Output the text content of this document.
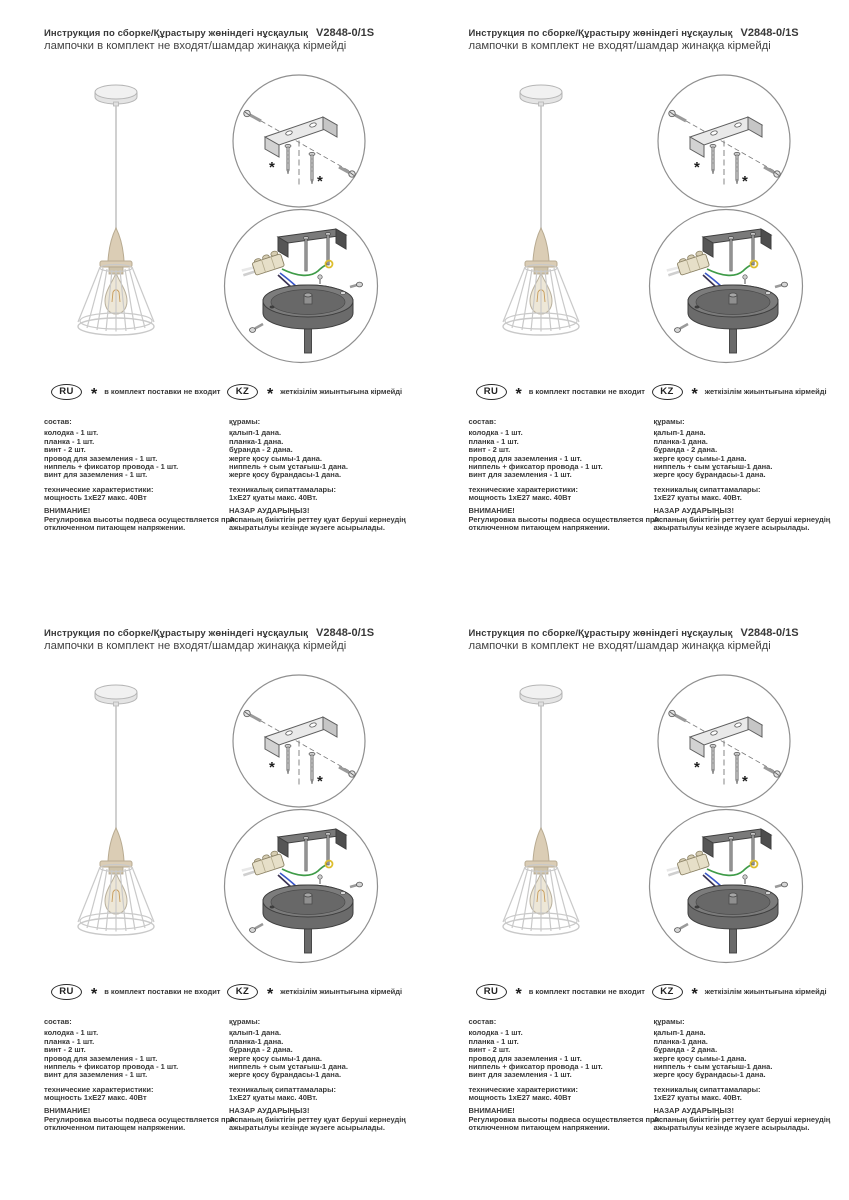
Инструкция по сборке/Құрастыру жөніндегі нұсқаулық V2848-0/1S
лампочки в комплект не входят/шамдар жинаққа кірмейді
*
*
RU	* в комплект поставки не входит	KZ	* жеткізілім жиынтығына кірмейді
состав:
колодка - 1 шт.
планка - 1 шт.
винт - 2 шт.
провод для заземления - 1 шт.
ниппель + фиксатор провода - 1 шт.
винт для заземления - 1 шт.
технические характеристики:
мощность 1хЕ27 макс. 40Вт
ВНИМАНИЕ!
Регулировка высоты подвеса осуществляется при отключенном питающем напряжении.
құрамы:
қалып-1 дана.
планка-1 дана.
бұранда - 2 дана.
жерге қосу сымы-1 дана.
ниппель + сым ұстағыш-1 дана.
жерге қосу бұрандасы-1 дана.
техникалық сипаттамалары:
1хЕ27 қуаты макс. 40Вт.
НАЗАР АУДАРЫҢЫЗ!
Аспаның биіктігін реттеу қуат беруші кернеудің ажыратылуы кезінде жүзеге асырылады.
Инструкция по сборке/Құрастыру жөніндегі нұсқаулық V2848-0/1S
лампочки в комплект не входят/шамдар жинаққа кірмейді
*
*
RU	* в комплект поставки не входит	KZ	* жеткізілім жиынтығына кірмейді
состав:
колодка - 1 шт.
планка - 1 шт.
винт - 2 шт.
провод для заземления - 1 шт.
ниппель + фиксатор провода - 1 шт.
винт для заземления - 1 шт.
технические характеристики:
мощность 1хЕ27 макс. 40Вт
ВНИМАНИЕ!
Регулировка высоты подвеса осуществляется при отключенном питающем напряжении.
құрамы:
қалып-1 дана.
планка-1 дана.
бұранда - 2 дана.
жерге қосу сымы-1 дана.
ниппель + сым ұстағыш-1 дана.
жерге қосу бұрандасы-1 дана.
техникалық сипаттамалары:
1хЕ27 қуаты макс. 40Вт.
НАЗАР АУДАРЫҢЫЗ!
Аспаның биіктігін реттеу қуат беруші кернеудің ажыратылуы кезінде жүзеге асырылады.
Инструкция по сборке/Құрастыру жөніндегі нұсқаулық V2848-0/1S
лампочки в комплект не входят/шамдар жинаққа кірмейді
*
*
RU	* в комплект поставки не входит	KZ	* жеткізілім жиынтығына кірмейді
состав:
колодка - 1 шт.
планка - 1 шт.
винт - 2 шт.
провод для заземления - 1 шт.
ниппель + фиксатор провода - 1 шт.
винт для заземления - 1 шт.
технические характеристики:
мощность 1хЕ27 макс. 40Вт
ВНИМАНИЕ!
Регулировка высоты подвеса осуществляется при отключенном питающем напряжении.
құрамы:
қалып-1 дана.
планка-1 дана.
бұранда - 2 дана.
жерге қосу сымы-1 дана.
ниппель + сым ұстағыш-1 дана.
жерге қосу бұрандасы-1 дана.
техникалық сипаттамалары:
1хЕ27 қуаты макс. 40Вт.
НАЗАР АУДАРЫҢЫЗ!
Аспаның биіктігін реттеу қуат беруші кернеудің ажыратылуы кезінде жүзеге асырылады.
Инструкция по сборке/Құрастыру жөніндегі нұсқаулық V2848-0/1S
лампочки в комплект не входят/шамдар жинаққа кірмейді
*
*
RU	* в комплект поставки не входит	KZ	* жеткізілім жиынтығына кірмейді
состав:
колодка - 1 шт.
планка - 1 шт.
винт - 2 шт.
провод для заземления - 1 шт.
ниппель + фиксатор провода - 1 шт.
винт для заземления - 1 шт.
технические характеристики:
мощность 1хЕ27 макс. 40Вт
ВНИМАНИЕ!
Регулировка высоты подвеса осуществляется при отключенном питающем напряжении.
құрамы:
қалып-1 дана.
планка-1 дана.
бұранда - 2 дана.
жерге қосу сымы-1 дана.
ниппель + сым ұстағыш-1 дана.
жерге қосу бұрандасы-1 дана.
техникалық сипаттамалары:
1хЕ27 қуаты макс. 40Вт.
НАЗАР АУДАРЫҢЫЗ!
Аспаның биіктігін реттеу қуат беруші кернеудің ажыратылуы кезінде жүзеге асырылады.
